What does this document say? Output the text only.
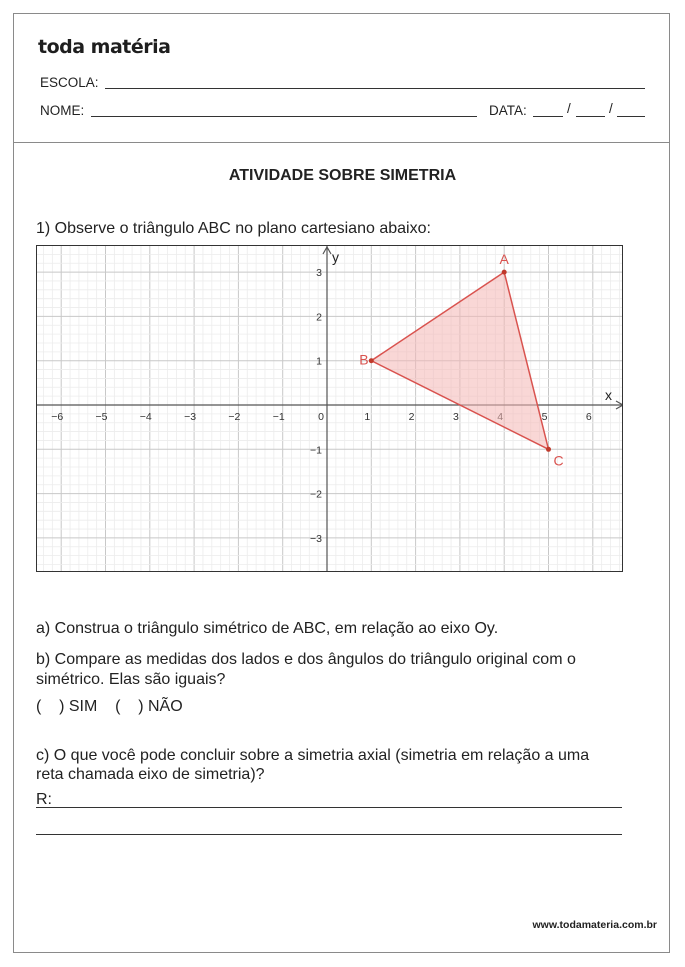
toda matéria
ESCOLA:
NOME:	DATA:	/	/
ATIVIDADE SOBRE SIMETRIA
1) Observe o triângulo ABC no plano cartesiano abaixo:
x
y
−6	−5	−4	−3	−2	−1	0	1	2	3	5	6
−3
−2
−1
1
2
3
A
B
C
a) Construa o triângulo simétrico de ABC, em relação ao eixo Oy.
b) Compare as medidas dos lados e dos ângulos do triângulo original com o
simétrico. Elas são iguais?
(    ) SIM    (    ) NÃO
c) O que você pode concluir sobre a simetria axial (simetria em relação a uma
reta chamada eixo de simetria)?
R:
www.todamateria.com.br
